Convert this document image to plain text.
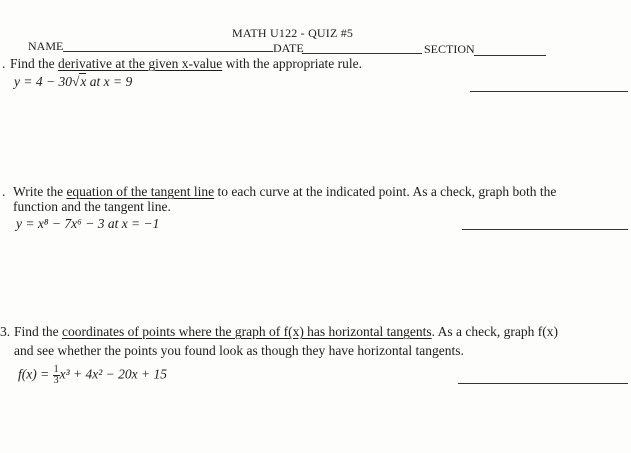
MATH U122 - QUIZ #5
NAME	DATE	SECTION
. Find the derivative at the given x-value with the appropriate rule.
y = 4 − 30√x at x = 9
. Write the equation of the tangent line to each curve at the indicated point. As a check, graph both the
function and the tangent line.
y = x⁸ − 7x⁶ − 3 at x = −1
3. Find the coordinates of points where the graph of f(x) has horizontal tangents. As a check, graph f(x)
and see whether the points you found look as though they have horizontal tangents.
$f(x) = \frac{1}{3} x^3 + 4x^2 - 20x + 15$
